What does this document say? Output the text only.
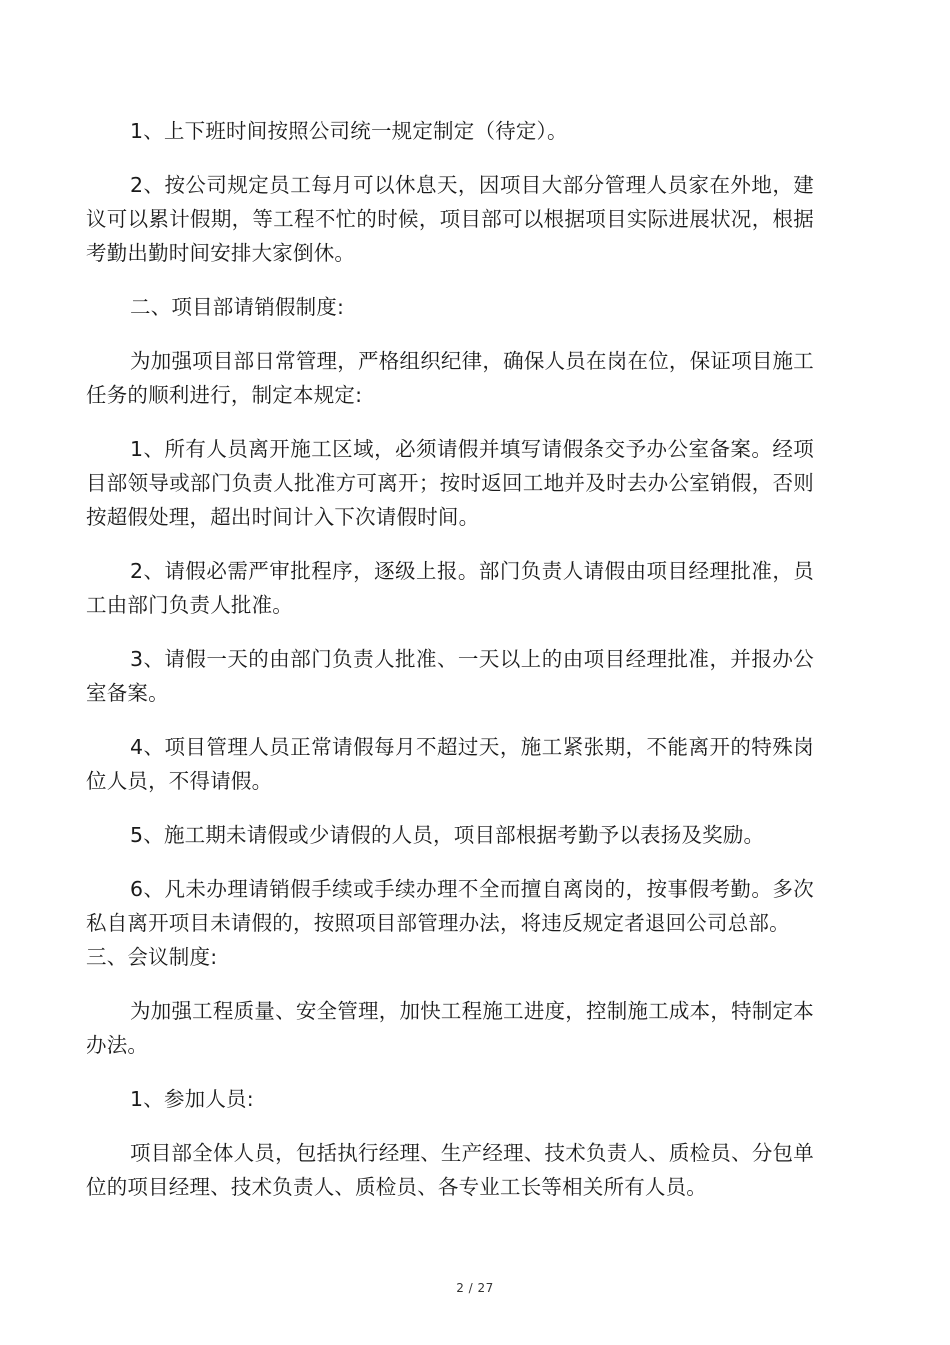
1、上下班时间按照公司统一规定制定（待定）。

2、按公司规定员工每月可以休息天，因项目大部分管理人员家在外地，建议可以累计假期，等工程不忙的时候，项目部可以根据项目实际进展状况，根据考勤出勤时间安排大家倒休。

二、项目部请销假制度:

为加强项目部日常管理，严格组织纪律，确保人员在岗在位，保证项目施工任务的顺利进行，制定本规定:

1、所有人员离开施工区域，必须请假并填写请假条交予办公室备案。经项目部领导或部门负责人批准方可离开；按时返回工地并及时去办公室销假，否则按超假处理，超出时间计入下次请假时间。

2、请假必需严审批程序，逐级上报。部门负责人请假由项目经理批准，员工由部门负责人批准。

3、请假一天的由部门负责人批准、一天以上的由项目经理批准，并报办公室备案。

4、项目管理人员正常请假每月不超过天，施工紧张期，不能离开的特殊岗位人员，不得请假。

5、施工期未请假或少请假的人员，项目部根据考勤予以表扬及奖励。

6、凡未办理请销假手续或手续办理不全而擅自离岗的，按事假考勤。多次私自离开项目未请假的，按照项目部管理办法，将违反规定者退回公司总部。

三、会议制度:

为加强工程质量、安全管理，加快工程施工进度，控制施工成本，特制定本办法。

1、参加人员:

项目部全体人员，包括执行经理、生产经理、技术负责人、质检员、分包单位的项目经理、技术负责人、质检员、各专业工长等相关所有人员。

2 / 27
